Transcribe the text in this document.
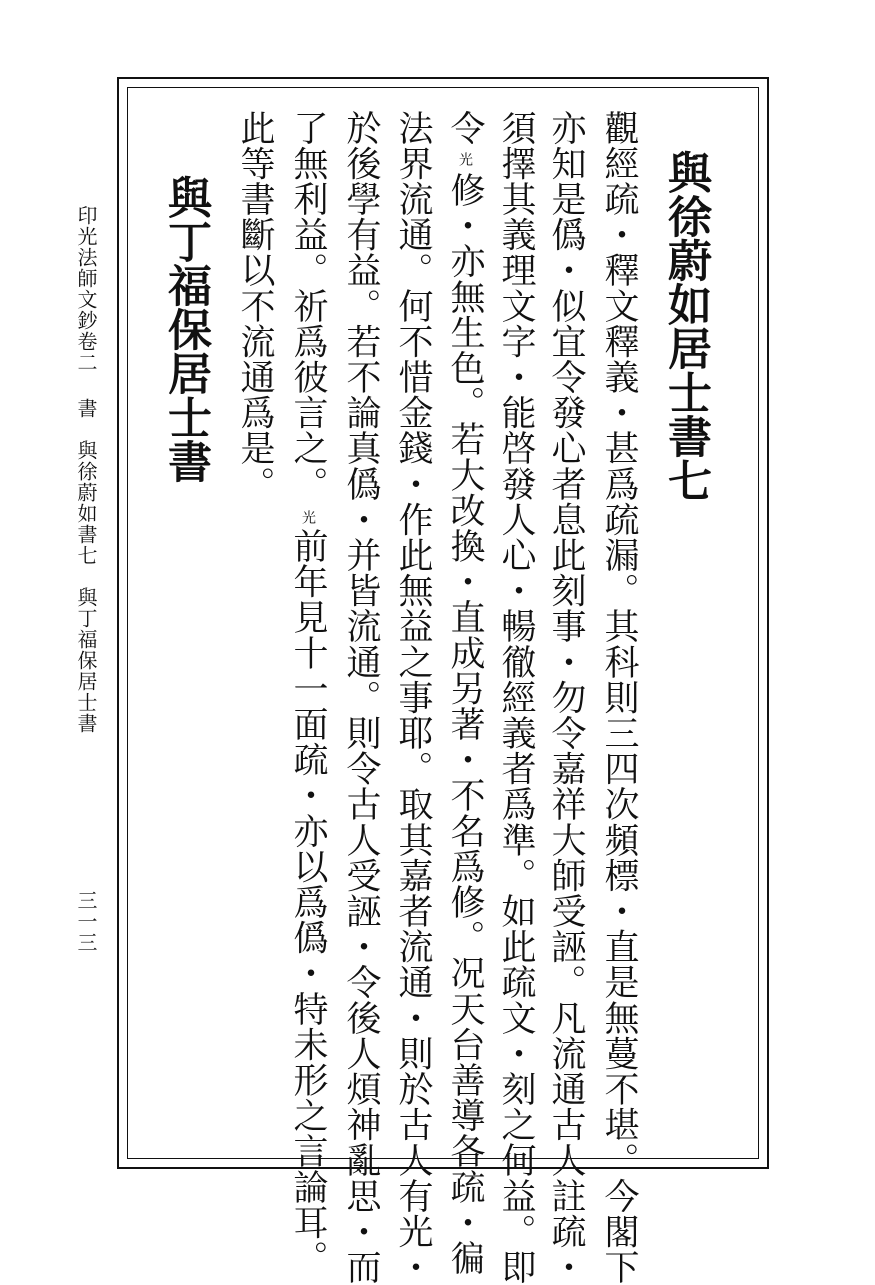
與徐蔚如居士書七
觀經疏・釋文釋義・甚爲疏漏。其科則三四次頻標・直是無蔓不堪。今閣下
亦知是僞・似宜令發心者息此刻事・勿令嘉祥大師受誣。凡流通古人註疏・
須擇其義理文字・能啓發人心・暢徹經義者爲準。如此疏文・刻之何益。即
令光修・亦無生色。若大改換・直成另著・不名爲修。况天台善導各疏・徧
法界流通。何不惜金錢・作此無益之事耶。取其嘉者流通・則於古人有光・
於後學有益。若不論真僞・并皆流通。則令古人受誣・令後人煩神亂思・而
了無利益。祈爲彼言之。光前年見十一面疏・亦以爲僞・特未形之言論耳。
此等書斷以不流通爲是。
與丁福保居士書
印光法師文鈔卷二 書　與徐蔚如書七　與丁福保居士書
三一三
